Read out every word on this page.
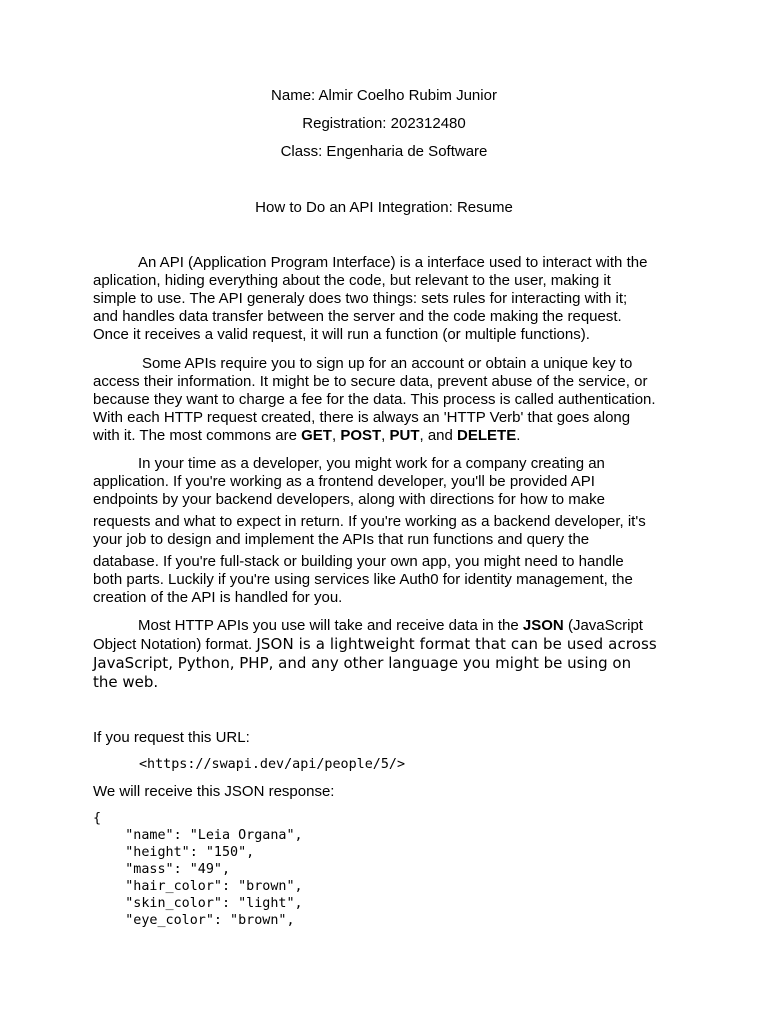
Name: Almir Coelho Rubim Junior
Registration: 202312480
Class: Engenharia de Software
How to Do an API Integration: Resume
An API (Application Program Interface) is a interface used to interact with the
aplication, hiding everything about the code, but relevant to the user, making it
simple to use. The API generaly does two things: sets rules for interacting with it;
and handles data transfer between the server and the code making the request.
Once it receives a valid request, it will run a function (or multiple functions).
Some APIs require you to sign up for an account or obtain a unique key to
access their information. It might be to secure data, prevent abuse of the service, or
because they want to charge a fee for the data. This process is called authentication.
With each HTTP request created, there is always an 'HTTP Verb' that goes along
with it. The most commons are GET, POST, PUT, and DELETE.
In your time as a developer, you might work for a company creating an
application. If you're working as a frontend developer, you'll be provided API
endpoints by your backend developers, along with directions for how to make
requests and what to expect in return. If you're working as a backend developer, it's
your job to design and implement the APIs that run functions and query the
database. If you're full-stack or building your own app, you might need to handle
both parts. Luckily if you're using services like Auth0 for identity management, the
creation of the API is handled for you.
Most HTTP APIs you use will take and receive data in the JSON (JavaScript
Object Notation) format. JSON is a lightweight format that can be used across
JavaScript, Python, PHP, and any other language you might be using on
the web.
If you request this URL:
<https://swapi.dev/api/people/5/>
We will receive this JSON response:
{
"name": "Leia Organa",
"height": "150",
"mass": "49",
"hair_color": "brown",
"skin_color": "light",
"eye_color": "brown",
